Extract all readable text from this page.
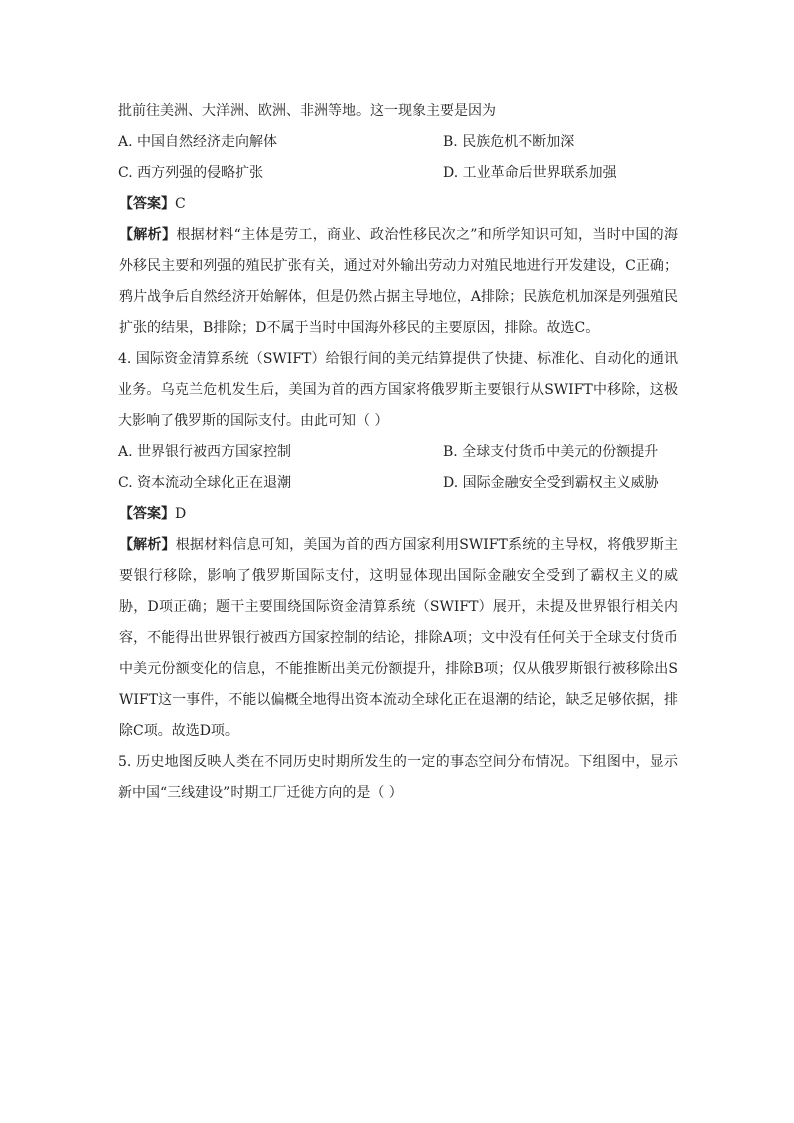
批前往美洲、大洋洲、欧洲、非洲等地。这一现象主要是因为
A. 中国自然经济走向解体	B. 民族危机不断加深
C. 西方列强的侵略扩张	D. 工业革命后世界联系加强
【答案】C
【解析】根据材料“主体是劳工，商业、政治性移民次之”和所学知识可知，当时中国的海外移民主要和列强的殖民扩张有关，通过对外输出劳动力对殖民地进行开发建设，C正确；鸦片战争后自然经济开始解体，但是仍然占据主导地位，A排除；民族危机加深是列强殖民扩张的结果，B排除；D不属于当时中国海外移民的主要原因，排除。故选C。
4. 国际资金清算系统（SWIFT）给银行间的美元结算提供了快捷、标准化、自动化的通讯业务。乌克兰危机发生后，美国为首的西方国家将俄罗斯主要银行从SWIFT中移除，这极大影响了俄罗斯的国际支付。由此可知（ ）
A. 世界银行被西方国家控制	B. 全球支付货币中美元的份额提升
C. 资本流动全球化正在退潮	D. 国际金融安全受到霸权主义威胁
【答案】D
【解析】根据材料信息可知，美国为首的西方国家利用SWIFT系统的主导权，将俄罗斯主要银行移除，影响了俄罗斯国际支付，这明显体现出国际金融安全受到了霸权主义的威胁，D项正确；题干主要围绕国际资金清算系统（SWIFT）展开，未提及世界银行相关内容，不能得出世界银行被西方国家控制的结论，排除A项；文中没有任何关于全球支付货币中美元份额变化的信息，不能推断出美元份额提升，排除B项；仅从俄罗斯银行被移除出SWIFT这一事件，不能以偏概全地得出资本流动全球化正在退潮的结论，缺乏足够依据，排除C项。故选D项。
5. 历史地图反映人类在不同历史时期所发生的一定的事态空间分布情况。下组图中，显示新中国“三线建设”时期工厂迁徙方向的是（ ）
